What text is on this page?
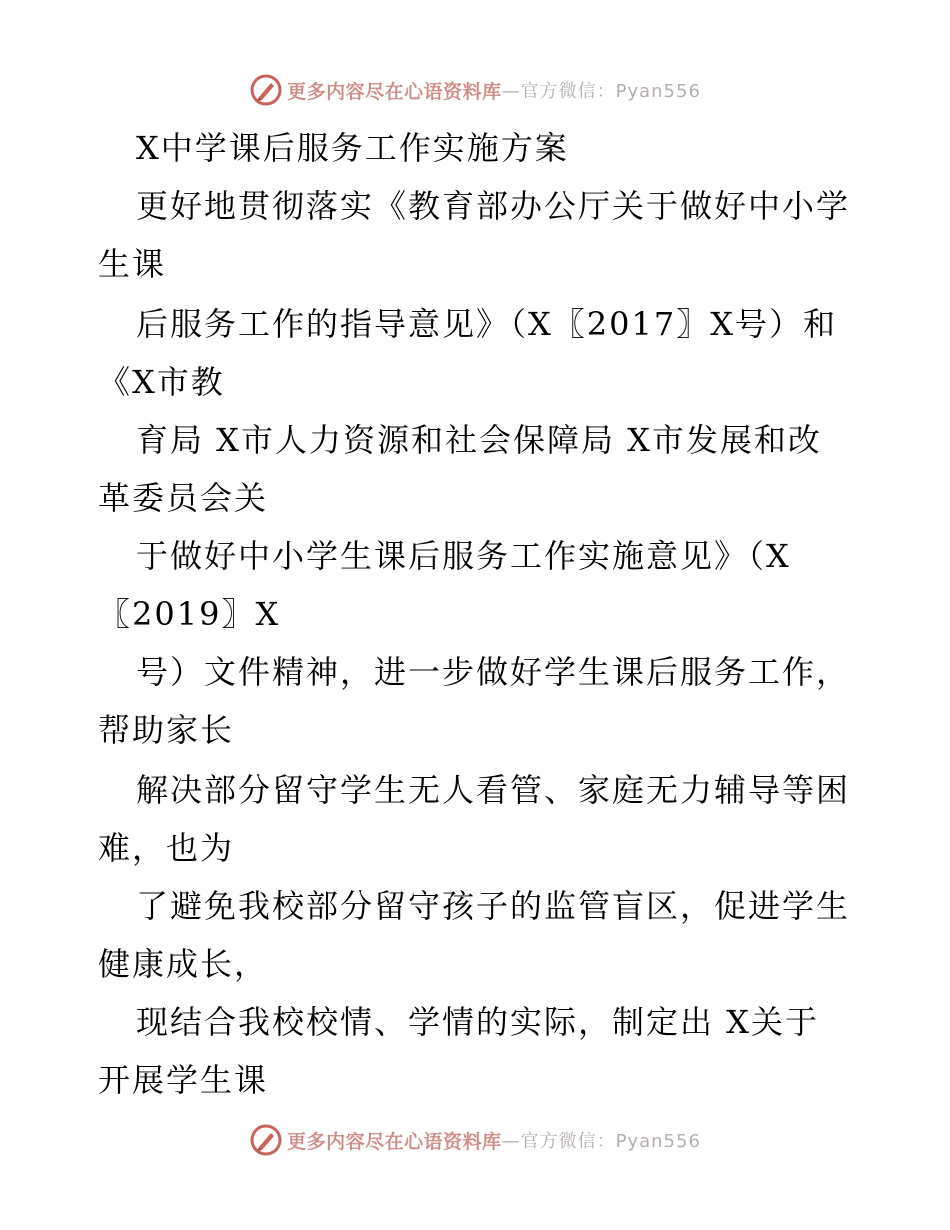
更多内容尽在心语资料库 —官方微信：Pyan556
X中学课后服务工作实施方案
更好地贯彻落实《教育部办公厅关于做好中小学
生课
后服务工作的指导意见》（X〖2017〗X号）和
《X市教
育局 X市人力资源和社会保障局 X市发展和改
革委员会关
于做好中小学生课后服务工作实施意见》（X
〖2019〗X
号）文件精神，进一步做好学生课后服务工作，
帮助家长
解决部分留守学生无人看管、家庭无力辅导等困
难，也为
了避免我校部分留守孩子的监管盲区，促进学生
健康成长，
现结合我校校情、学情的实际，制定出 X关于
开展学生课
更多内容尽在心语资料库 —官方微信：Pyan556
